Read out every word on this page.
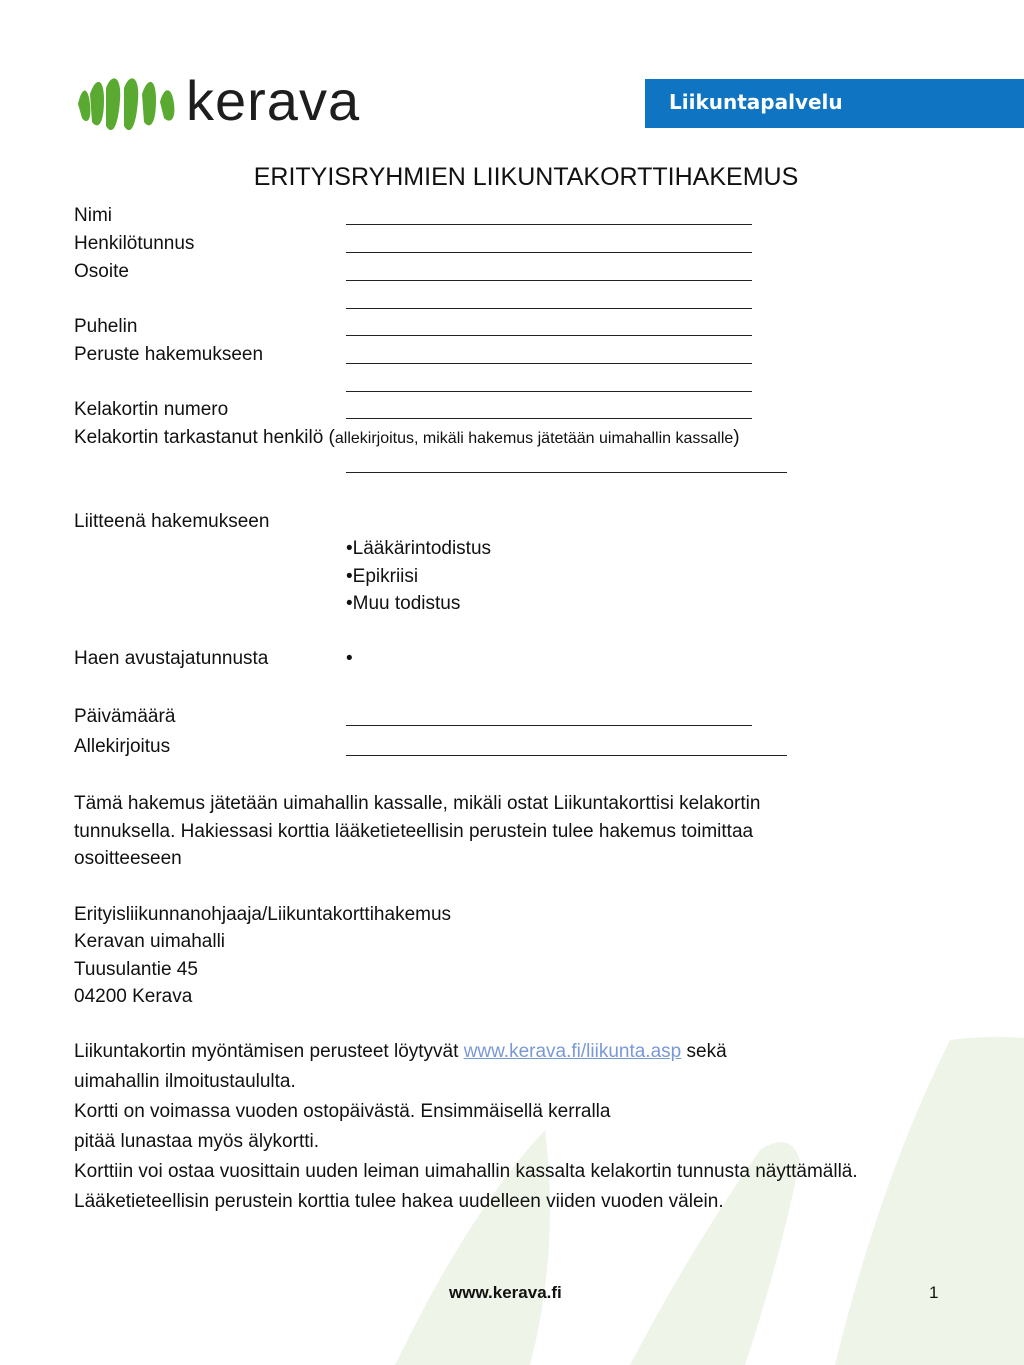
kerava	Liikuntapalvelu
ERITYISRYHMIEN LIIKUNTAKORTTIHAKEMUS
Nimi
Henkilötunnus
Osoite
Puhelin
Peruste hakemukseen
Kelakortin numero
Kelakortin tarkastanut henkilö (allekirjoitus, mikäli hakemus jätetään uimahallin kassalle)
Liitteenä hakemukseen
•Lääkärintodistus
•Epikriisi
•Muu todistus
Haen avustajatunnusta	•
Päivämäärä
Allekirjoitus
Tämä hakemus jätetään uimahallin kassalle, mikäli ostat Liikuntakorttisi kelakortin
tunnuksella. Hakiessasi korttia lääketieteellisin perustein tulee hakemus toimittaa
osoitteeseen
Erityisliikunnanohjaaja/Liikuntakorttihakemus
Keravan uimahalli
Tuusulantie 45
04200 Kerava
Liikuntakortin myöntämisen perusteet löytyvät www.kerava.fi/liikunta.asp sekä
uimahallin ilmoitustaululta.
Kortti on voimassa vuoden ostopäivästä. Ensimmäisellä kerralla
pitää lunastaa myös älykortti.
Korttiin voi ostaa vuosittain uuden leiman uimahallin kassalta kelakortin tunnusta näyttämällä.
Lääketieteellisin perustein korttia tulee hakea uudelleen viiden vuoden välein.
www.kerava.fi	1
